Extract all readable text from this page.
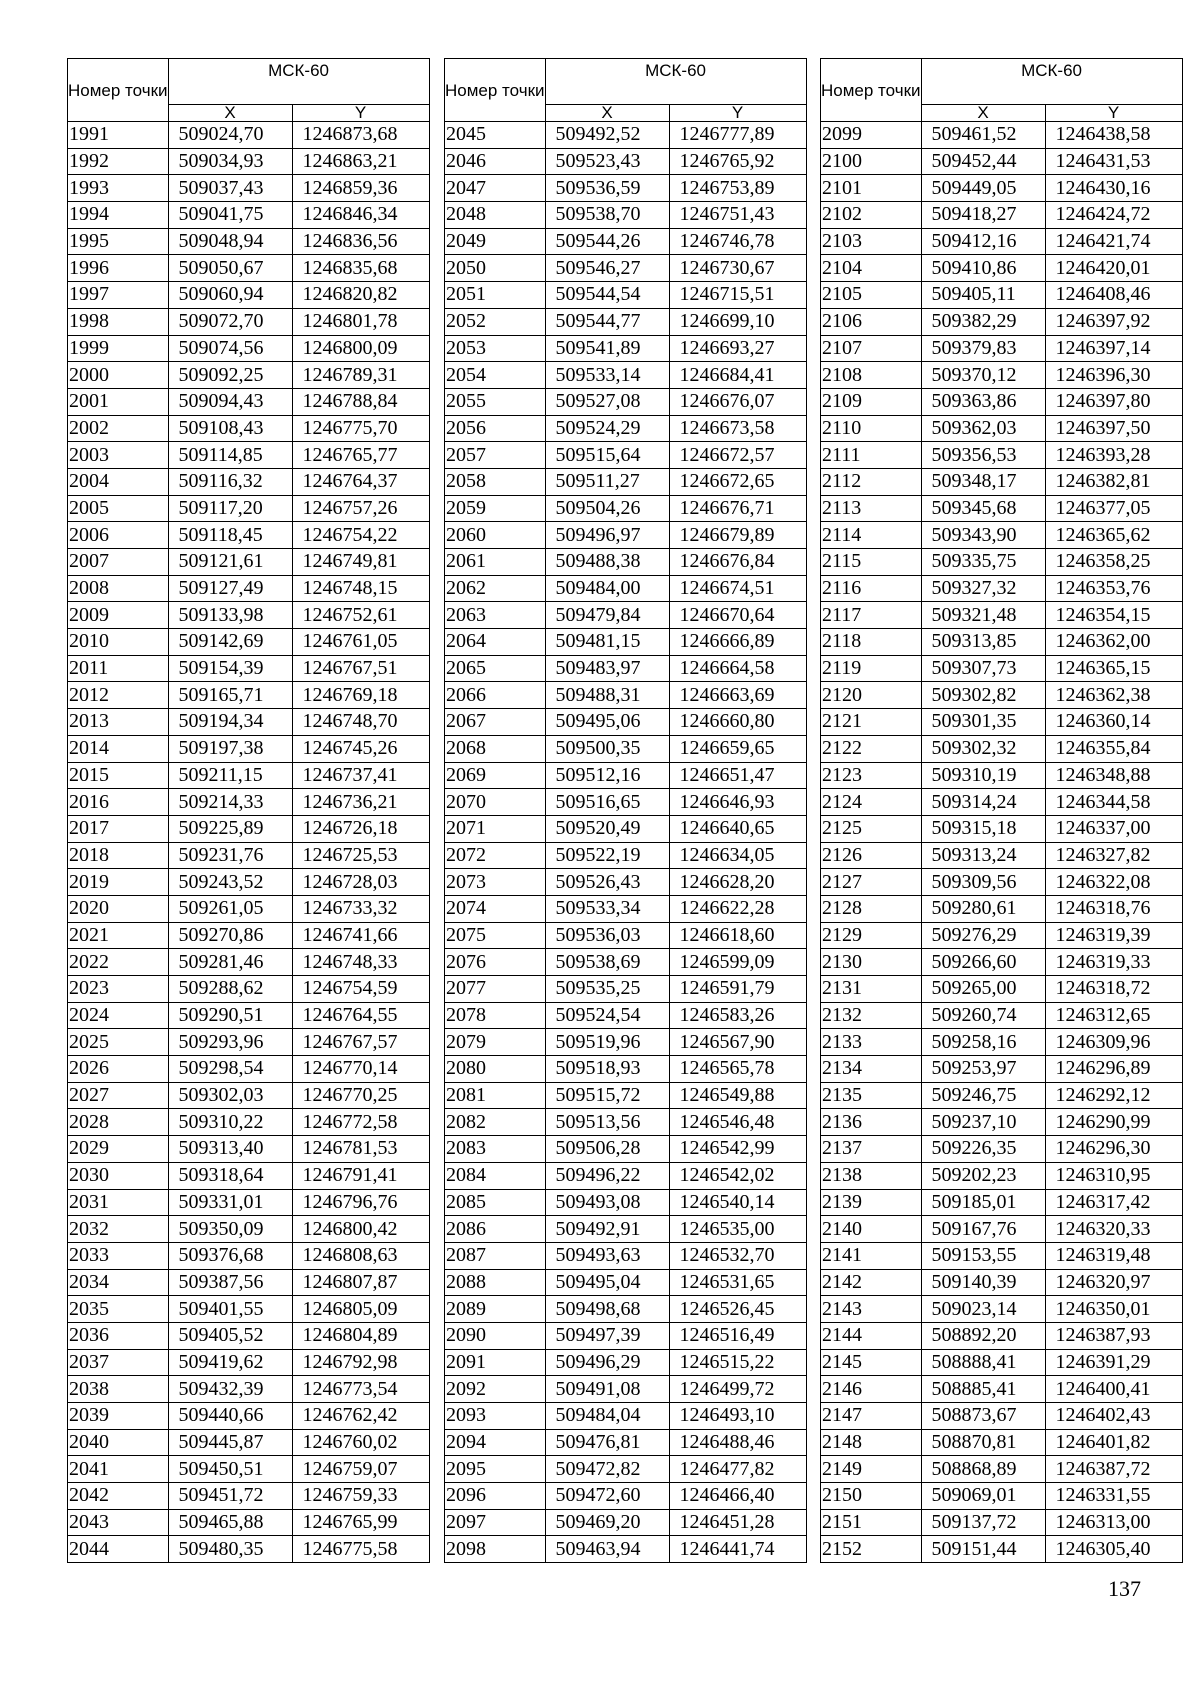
Номер точки	МСК-60	
	X	Y
1991	509024,70	1246873,68
1992	509034,93	1246863,21
1993	509037,43	1246859,36
1994	509041,75	1246846,34
1995	509048,94	1246836,56
1996	509050,67	1246835,68
1997	509060,94	1246820,82
1998	509072,70	1246801,78
1999	509074,56	1246800,09
2000	509092,25	1246789,31
2001	509094,43	1246788,84
2002	509108,43	1246775,70
2003	509114,85	1246765,77
2004	509116,32	1246764,37
2005	509117,20	1246757,26
2006	509118,45	1246754,22
2007	509121,61	1246749,81
2008	509127,49	1246748,15
2009	509133,98	1246752,61
2010	509142,69	1246761,05
2011	509154,39	1246767,51
2012	509165,71	1246769,18
2013	509194,34	1246748,70
2014	509197,38	1246745,26
2015	509211,15	1246737,41
2016	509214,33	1246736,21
2017	509225,89	1246726,18
2018	509231,76	1246725,53
2019	509243,52	1246728,03
2020	509261,05	1246733,32
2021	509270,86	1246741,66
2022	509281,46	1246748,33
2023	509288,62	1246754,59
2024	509290,51	1246764,55
2025	509293,96	1246767,57
2026	509298,54	1246770,14
2027	509302,03	1246770,25
2028	509310,22	1246772,58
2029	509313,40	1246781,53
2030	509318,64	1246791,41
2031	509331,01	1246796,76
2032	509350,09	1246800,42
2033	509376,68	1246808,63
2034	509387,56	1246807,87
2035	509401,55	1246805,09
2036	509405,52	1246804,89
2037	509419,62	1246792,98
2038	509432,39	1246773,54
2039	509440,66	1246762,42
2040	509445,87	1246760,02
2041	509450,51	1246759,07
2042	509451,72	1246759,33
2043	509465,88	1246765,99
2044	509480,35	1246775,58
Номер точки	МСК-60	
	X	Y
2045	509492,52	1246777,89
2046	509523,43	1246765,92
2047	509536,59	1246753,89
2048	509538,70	1246751,43
2049	509544,26	1246746,78
2050	509546,27	1246730,67
2051	509544,54	1246715,51
2052	509544,77	1246699,10
2053	509541,89	1246693,27
2054	509533,14	1246684,41
2055	509527,08	1246676,07
2056	509524,29	1246673,58
2057	509515,64	1246672,57
2058	509511,27	1246672,65
2059	509504,26	1246676,71
2060	509496,97	1246679,89
2061	509488,38	1246676,84
2062	509484,00	1246674,51
2063	509479,84	1246670,64
2064	509481,15	1246666,89
2065	509483,97	1246664,58
2066	509488,31	1246663,69
2067	509495,06	1246660,80
2068	509500,35	1246659,65
2069	509512,16	1246651,47
2070	509516,65	1246646,93
2071	509520,49	1246640,65
2072	509522,19	1246634,05
2073	509526,43	1246628,20
2074	509533,34	1246622,28
2075	509536,03	1246618,60
2076	509538,69	1246599,09
2077	509535,25	1246591,79
2078	509524,54	1246583,26
2079	509519,96	1246567,90
2080	509518,93	1246565,78
2081	509515,72	1246549,88
2082	509513,56	1246546,48
2083	509506,28	1246542,99
2084	509496,22	1246542,02
2085	509493,08	1246540,14
2086	509492,91	1246535,00
2087	509493,63	1246532,70
2088	509495,04	1246531,65
2089	509498,68	1246526,45
2090	509497,39	1246516,49
2091	509496,29	1246515,22
2092	509491,08	1246499,72
2093	509484,04	1246493,10
2094	509476,81	1246488,46
2095	509472,82	1246477,82
2096	509472,60	1246466,40
2097	509469,20	1246451,28
2098	509463,94	1246441,74
Номер точки	МСК-60	
	X	Y
2099	509461,52	1246438,58
2100	509452,44	1246431,53
2101	509449,05	1246430,16
2102	509418,27	1246424,72
2103	509412,16	1246421,74
2104	509410,86	1246420,01
2105	509405,11	1246408,46
2106	509382,29	1246397,92
2107	509379,83	1246397,14
2108	509370,12	1246396,30
2109	509363,86	1246397,80
2110	509362,03	1246397,50
2111	509356,53	1246393,28
2112	509348,17	1246382,81
2113	509345,68	1246377,05
2114	509343,90	1246365,62
2115	509335,75	1246358,25
2116	509327,32	1246353,76
2117	509321,48	1246354,15
2118	509313,85	1246362,00
2119	509307,73	1246365,15
2120	509302,82	1246362,38
2121	509301,35	1246360,14
2122	509302,32	1246355,84
2123	509310,19	1246348,88
2124	509314,24	1246344,58
2125	509315,18	1246337,00
2126	509313,24	1246327,82
2127	509309,56	1246322,08
2128	509280,61	1246318,76
2129	509276,29	1246319,39
2130	509266,60	1246319,33
2131	509265,00	1246318,72
2132	509260,74	1246312,65
2133	509258,16	1246309,96
2134	509253,97	1246296,89
2135	509246,75	1246292,12
2136	509237,10	1246290,99
2137	509226,35	1246296,30
2138	509202,23	1246310,95
2139	509185,01	1246317,42
2140	509167,76	1246320,33
2141	509153,55	1246319,48
2142	509140,39	1246320,97
2143	509023,14	1246350,01
2144	508892,20	1246387,93
2145	508888,41	1246391,29
2146	508885,41	1246400,41
2147	508873,67	1246402,43
2148	508870,81	1246401,82
2149	508868,89	1246387,72
2150	509069,01	1246331,55
2151	509137,72	1246313,00
2152	509151,44	1246305,40
137
